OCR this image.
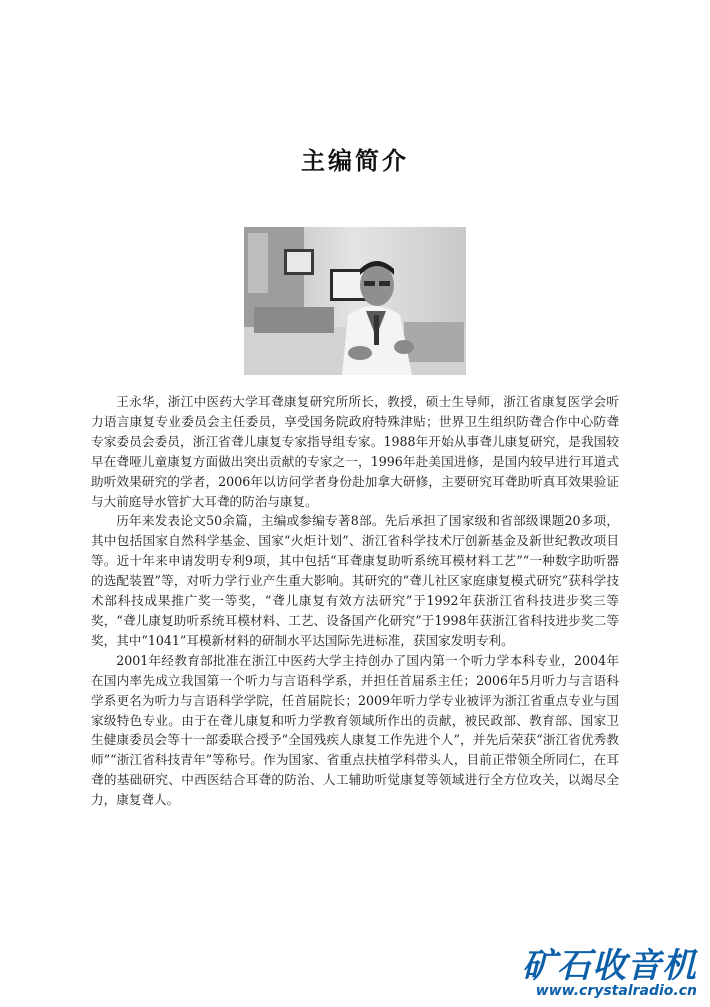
主编简介

王永华，浙江中医药大学耳聋康复研究所所长，教授，硕士生导师，浙江省康复医学会听力语言康复专业委员会主任委员，享受国务院政府特殊津贴；世界卫生组织防聋合作中心防聋专家委员会委员，浙江省聋儿康复专家指导组专家。1988年开始从事聋儿康复研究，是我国较早在聋哑儿童康复方面做出突出贡献的专家之一，1996年赴美国进修，是国内较早进行耳道式助听效果研究的学者，2006年以访问学者身份赴加拿大研修，主要研究耳聋助听真耳效果验证与大前庭导水管扩大耳聋的防治与康复。

历年来发表论文50余篇，主编或参编专著8部。先后承担了国家级和省部级课题20多项，其中包括国家自然科学基金、国家“火炬计划”、浙江省科学技术厅创新基金及新世纪教改项目等。近十年来申请发明专利9项，其中包括“耳聋康复助听系统耳模材料工艺”“一种数字助听器的选配装置”等，对听力学行业产生重大影响。其研究的“聋儿社区家庭康复模式研究”获科学技术部科技成果推广奖一等奖，“聋儿康复有效方法研究”于1992年获浙江省科技进步奖三等奖，“聋儿康复助听系统耳模材料、工艺、设备国产化研究”于1998年获浙江省科技进步奖二等奖，其中“1041”耳模新材料的研制水平达国际先进标准，获国家发明专利。

2001年经教育部批准在浙江中医药大学主持创办了国内第一个听力学本科专业，2004年在国内率先成立我国第一个听力与言语科学系，并担任首届系主任；2006年5月听力与言语科学系更名为听力与言语科学学院，任首届院长；2009年听力学专业被评为浙江省重点专业与国家级特色专业。由于在聋儿康复和听力学教育领域所作出的贡献，被民政部、教育部、国家卫生健康委员会等十一部委联合授予“全国残疾人康复工作先进个人”，并先后荣获“浙江省优秀教师”“浙江省科技青年”等称号。作为国家、省重点扶植学科带头人，目前正带领全所同仁，在耳聋的基础研究、中西医结合耳聋的防治、人工辅助听觉康复等领域进行全方位攻关，以竭尽全力，康复聋人。

矿石收音机
www.crystalradio.cn
